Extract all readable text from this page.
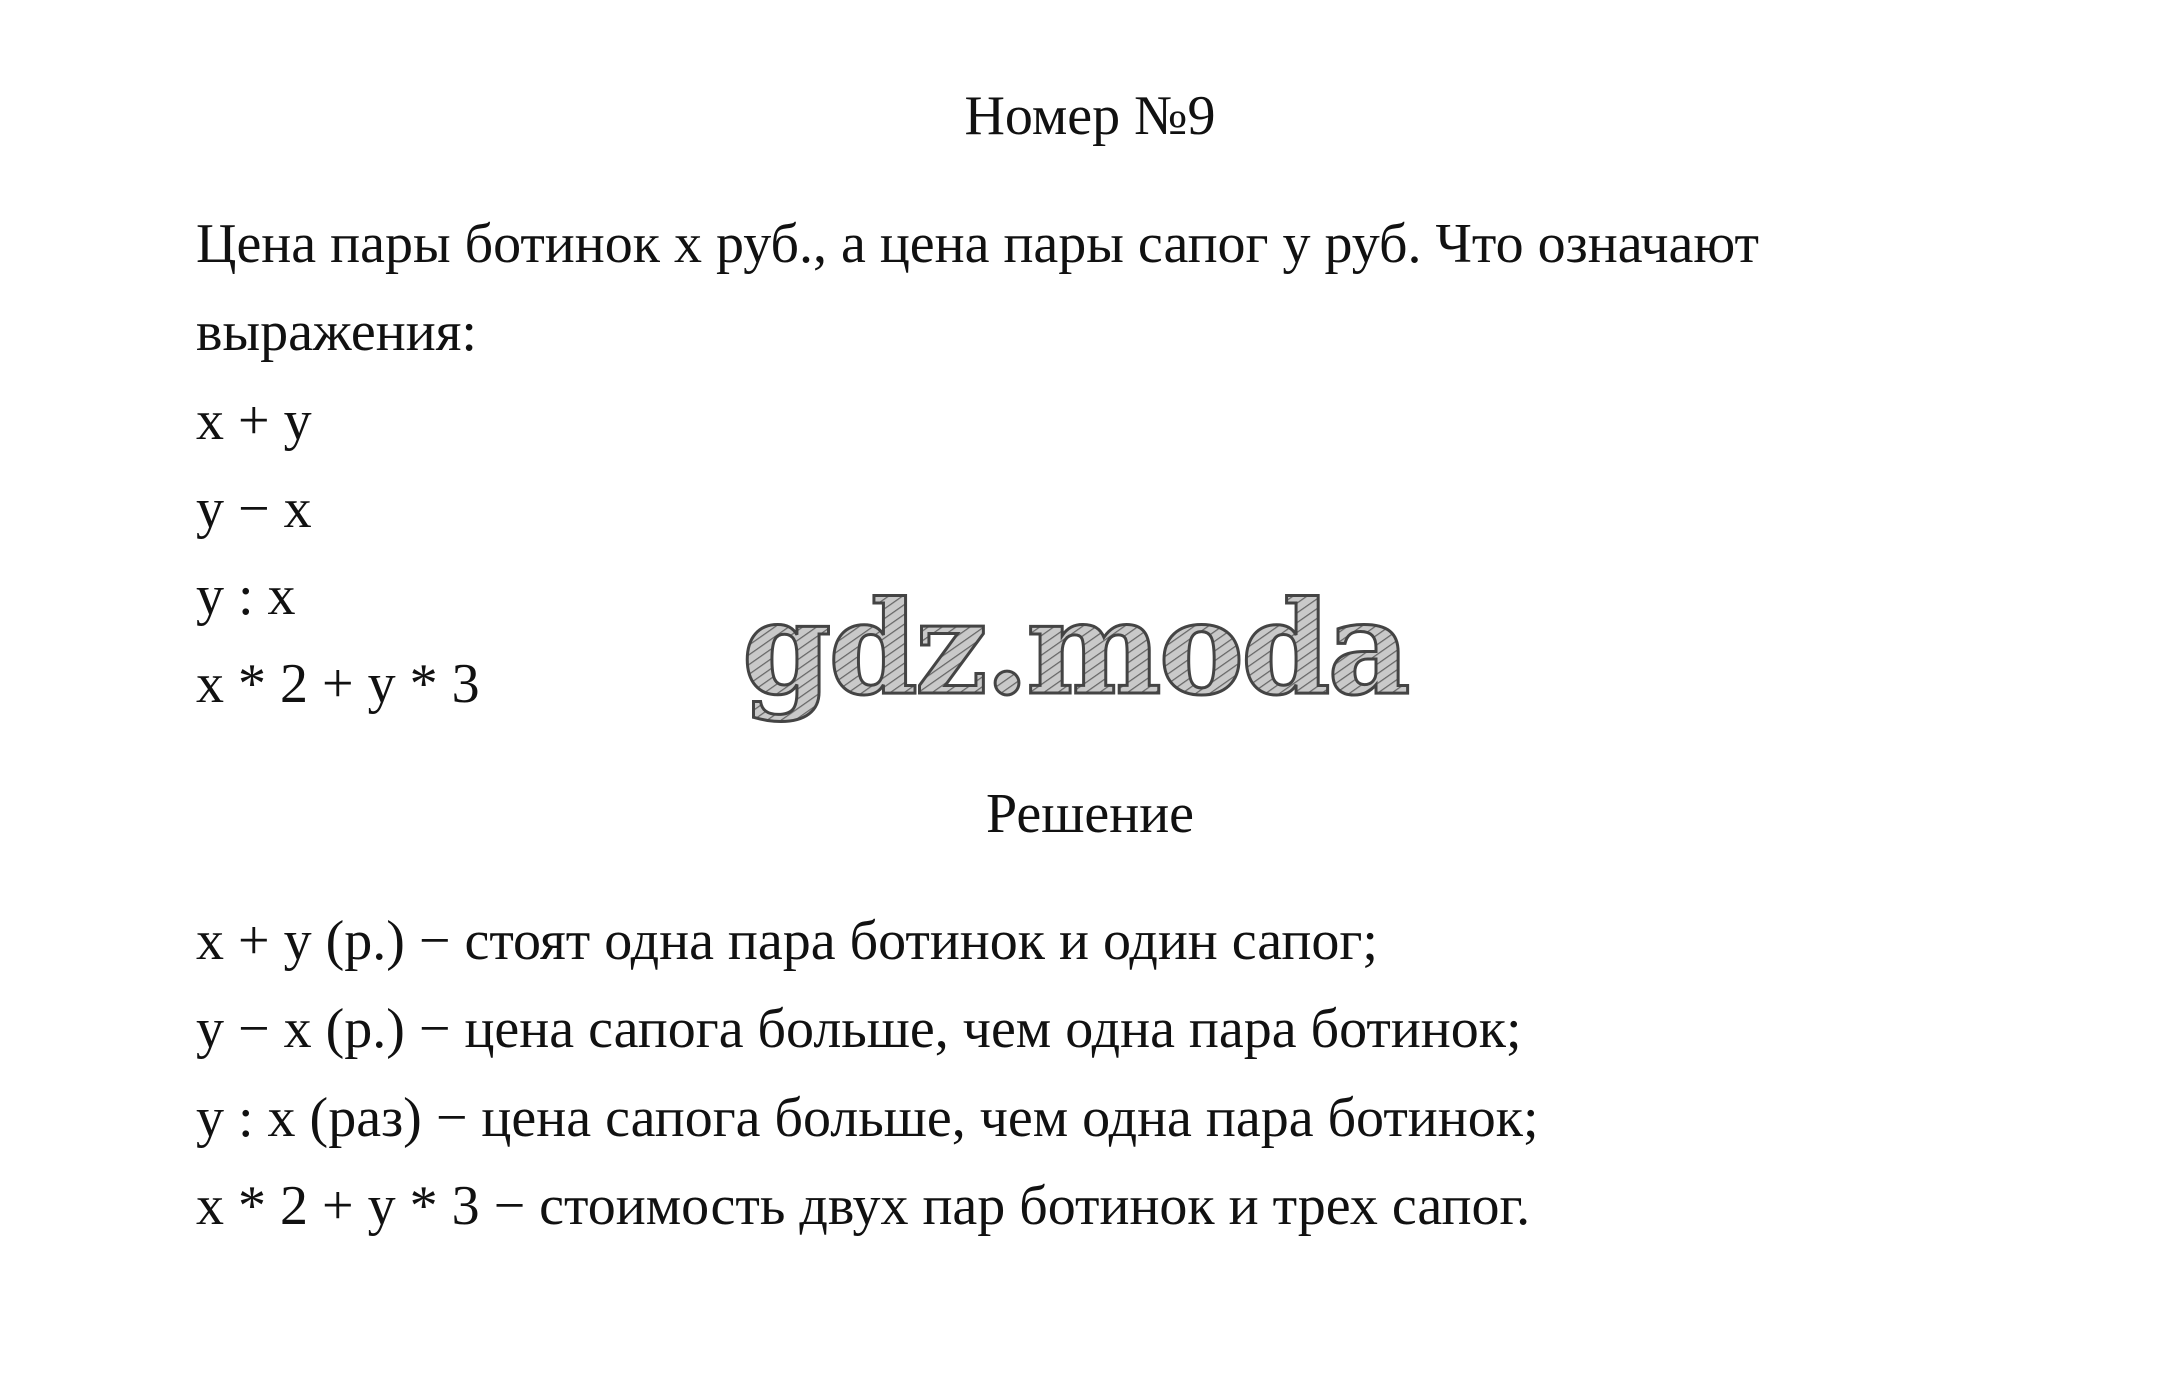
Номер №9
Цена пары ботинок х руб., а цена пары сапог у руб. Что означают
выражения:
х + у
у − х
у : х
х * 2 + у * 3 gdz.moda
Решение
х + у (р.) − стоят одна пара ботинок и один сапог;
у − х (р.) − цена сапога больше, чем одна пара ботинок;
у : х (раз) − цена сапога больше, чем одна пара ботинок;
х * 2 + у * 3 − стоимость двух пар ботинок и трех сапог.
